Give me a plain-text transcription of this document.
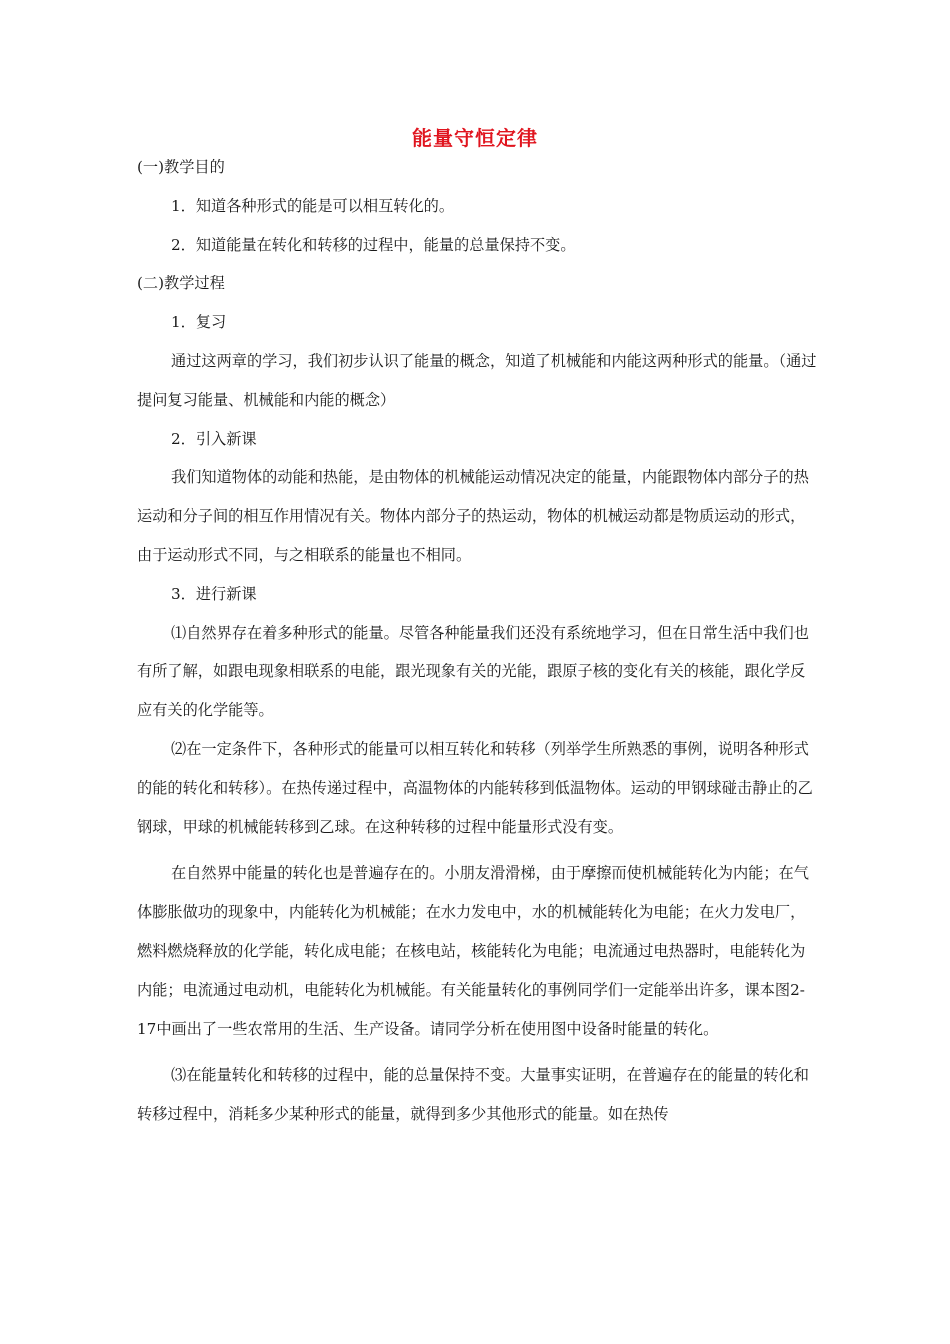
能量守恒定律

(一)教学目的

1．知道各种形式的能是可以相互转化的。

2．知道能量在转化和转移的过程中，能量的总量保持不变。

(二)教学过程

1．复习

通过这两章的学习，我们初步认识了能量的概念，知道了机械能和内能这两种形式的能量。（通过提问复习能量、机械能和内能的概念）

2．引入新课

我们知道物体的动能和热能，是由物体的机械能运动情况决定的能量，内能跟物体内部分子的热运动和分子间的相互作用情况有关。物体内部分子的热运动，物体的机械运动都是物质运动的形式，由于运动形式不同，与之相联系的能量也不相同。

3．进行新课

⑴自然界存在着多种形式的能量。尽管各种能量我们还没有系统地学习，但在日常生活中我们也有所了解，如跟电现象相联系的电能，跟光现象有关的光能，跟原子核的变化有关的核能，跟化学反应有关的化学能等。

⑵在一定条件下，各种形式的能量可以相互转化和转移（列举学生所熟悉的事例，说明各种形式的能的转化和转移）。在热传递过程中，高温物体的内能转移到低温物体。运动的甲钢球碰击静止的乙钢球，甲球的机械能转移到乙球。在这种转移的过程中能量形式没有变。

在自然界中能量的转化也是普遍存在的。小朋友滑滑梯，由于摩擦而使机械能转化为内能；在气体膨胀做功的现象中，内能转化为机械能；在水力发电中，水的机械能转化为电能；在火力发电厂，燃料燃烧释放的化学能，转化成电能；在核电站，核能转化为电能；电流通过电热器时，电能转化为内能；电流通过电动机，电能转化为机械能。有关能量转化的事例同学们一定能举出许多，课本图2-17中画出了一些农常用的生活、生产设备。请同学分析在使用图中设备时能量的转化。

⑶在能量转化和转移的过程中，能的总量保持不变。大量事实证明，在普遍存在的能量的转化和转移过程中，消耗多少某种形式的能量，就得到多少其他形式的能量。如在热传
